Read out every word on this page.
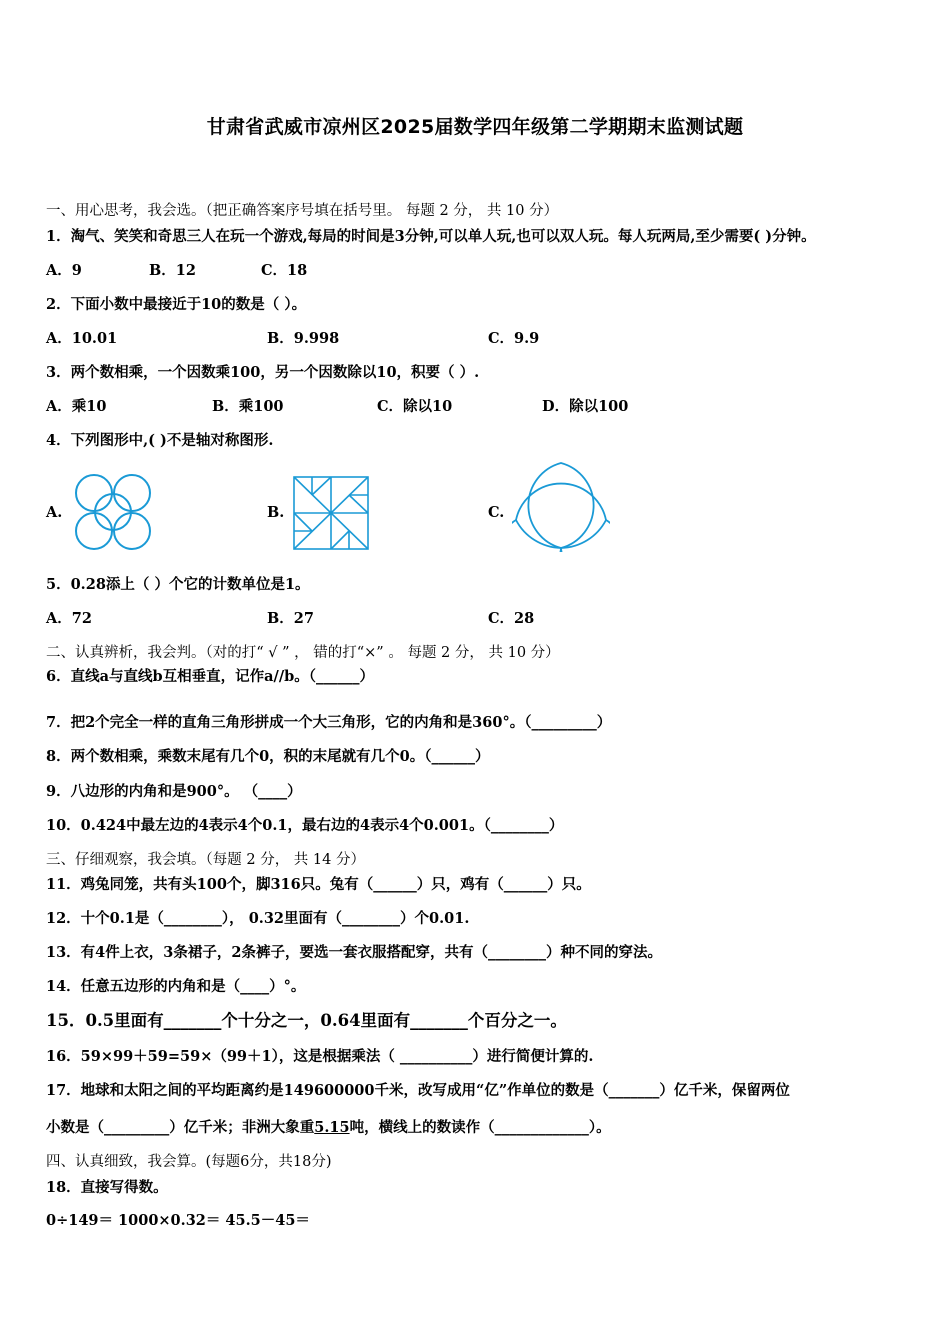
甘肃省武威市凉州区2025届数学四年级第二学期期末监测试题
一、用心思考，我会选。（把正确答案序号填在括号里。 每题 2 分， 共 10 分）
1．淘气、笑笑和奇思三人在玩一个游戏,每局的时间是3分钟,可以单人玩,也可以双人玩。每人玩两局,至少需要( )分钟。
A．9	B．12	C．18
2．下面小数中最接近于10的数是（ ）。
A．10.01	B．9.998	C．9.9
3．两个数相乘，一个因数乘100，另一个因数除以10，积要（ ）.
A．乘10	B．乘100	C．除以10	D．除以100
4．下列图形中,( )不是轴对称图形.
A.	B.	C.
5．0.28添上（ ）个它的计数单位是1。
A．72	B．27	C．28
二、认真辨析，我会判。（对的打“ √ ” ， 错的打“×” 。 每题 2 分， 共 10 分）
6．直线a与直线b互相垂直，记作a//b。（______）
7．把2个完全一样的直角三角形拼成一个大三角形，它的内角和是360°。（_________）
8．两个数相乘，乘数末尾有几个0，积的末尾就有几个0。（______）
9．八边形的内角和是900°。 （____）
10．0.424中最左边的4表示4个0.1，最右边的4表示4个0.001。（________）
三、仔细观察，我会填。（每题 2 分， 共 14 分）
11．鸡兔同笼，共有头100个，脚316只。兔有（______）只，鸡有（______）只。
12．十个0.1是（________）， 0.32里面有（________）个0.01.
13．有4件上衣，3条裙子，2条裤子，要选一套衣服搭配穿，共有（________）种不同的穿法。
14．任意五边形的内角和是（____）°。
15．0.5里面有_______个十分之一，0.64里面有_______个百分之一。
16．59×99＋59=59×（99＋1），这是根据乘法（ __________）进行简便计算的.
17．地球和太阳之间的平均距离约是149600000千米，改写成用“亿”作单位的数是（_______）亿千米，保留两位
小数是（_________）亿千米；非洲大象重5.15吨，横线上的数读作（_____________）。
四、认真细致，我会算。(每题6分，共18分)
18．直接写得数。
0÷149＝ 1000×0.32＝ 45.5－45＝
